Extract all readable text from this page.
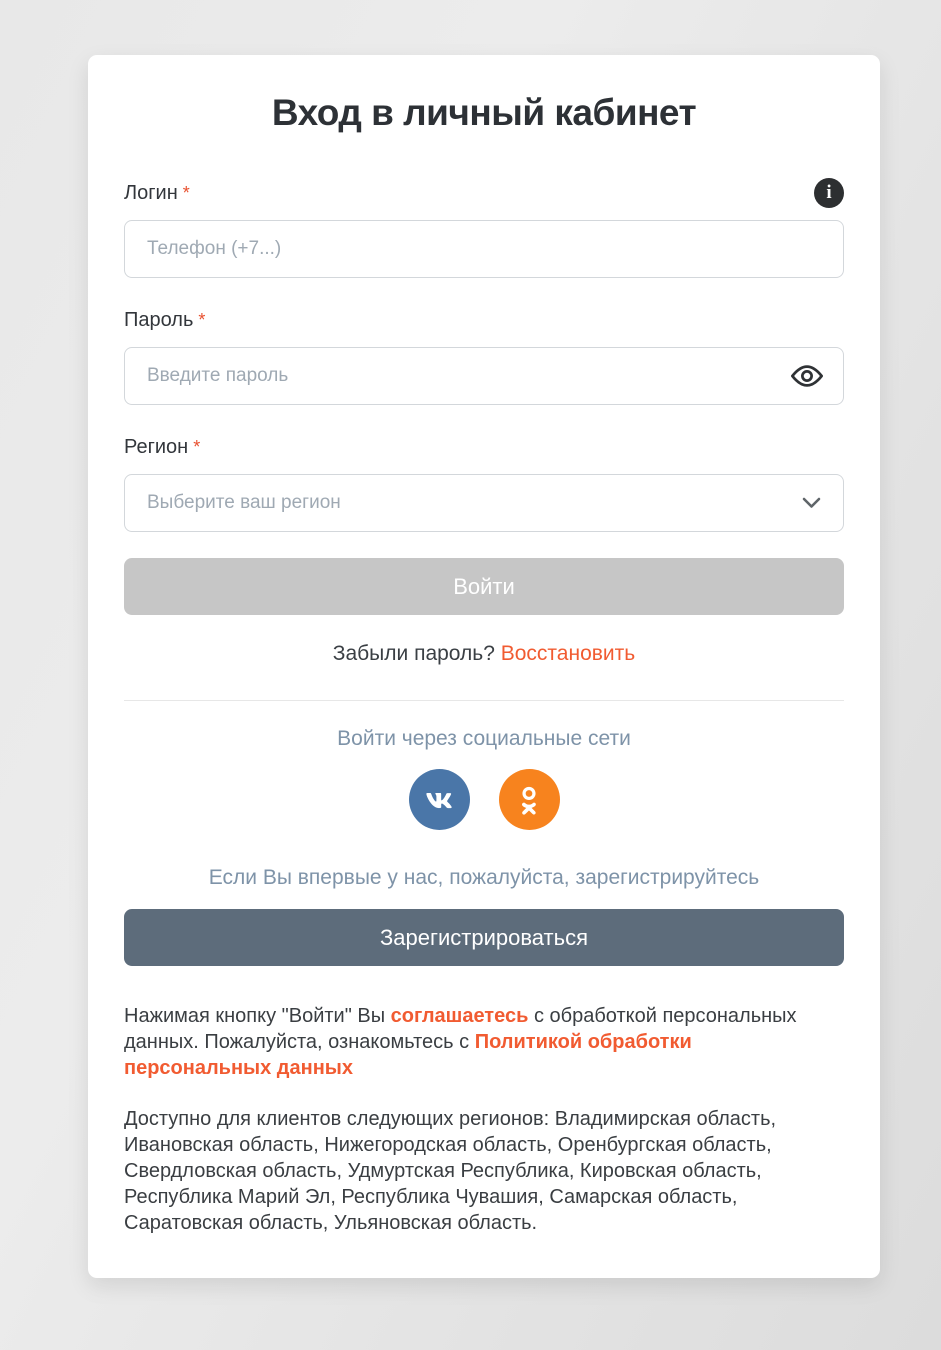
Вход в личный кабинет
Логин *	i
Телефон (+7...)
Пароль *
Введите пароль
Регион *
Выберите ваш регион
Войти
Забыли пароль? Восстановить
Войти через социальные сети
Если Вы впервые у нас, пожалуйста, зарегистрируйтесь
Зарегистрироваться

Нажимая кнопку "Войти" Вы соглашаетесь с обработкой персональных данных. Пожалуйста, ознакомьтесь с Политикой обработки персональных данных

Доступно для клиентов следующих регионов: Владимирская область, Ивановская область, Нижегородская область, Оренбургская область, Свердловская область, Удмуртская Республика, Кировская область, Республика Марий Эл, Республика Чувашия, Самарская область, Саратовская область, Ульяновская область.
